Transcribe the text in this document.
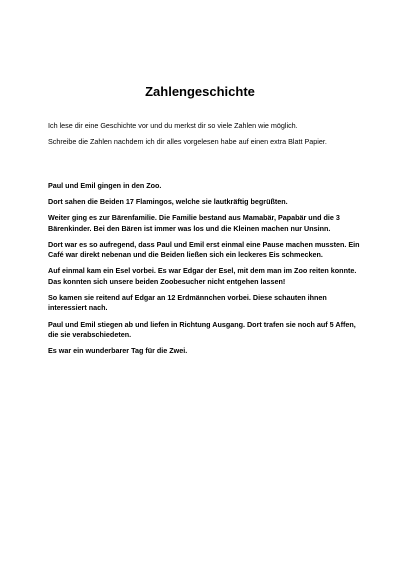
Zahlengeschichte

Ich lese dir eine Geschichte vor und du merkst dir so viele Zahlen wie möglich.

Schreibe die Zahlen nachdem ich dir alles vorgelesen habe auf einen extra Blatt Papier.

Paul und Emil gingen in den Zoo.

Dort sahen die Beiden 17 Flamingos, welche sie lautkräftig begrüßten.

Weiter ging es zur Bärenfamilie. Die Familie bestand aus Mamabär, Papabär und die 3 Bärenkinder. Bei den Bären ist immer was los und die Kleinen machen nur Unsinn.

Dort war es so aufregend, dass Paul und Emil erst einmal eine Pause machen mussten. Ein Café war direkt nebenan und die Beiden ließen sich ein leckeres Eis schmecken.

Auf einmal kam ein Esel vorbei. Es war Edgar der Esel, mit dem man im Zoo reiten konnte. Das konnten sich unsere beiden Zoobesucher nicht entgehen lassen!

So kamen sie reitend auf Edgar an 12 Erdmännchen vorbei. Diese schauten ihnen interessiert nach.

Paul und Emil stiegen ab und liefen in Richtung Ausgang. Dort trafen sie noch auf 5 Affen, die sie verabschiedeten.

Es war ein wunderbarer Tag für die Zwei.
